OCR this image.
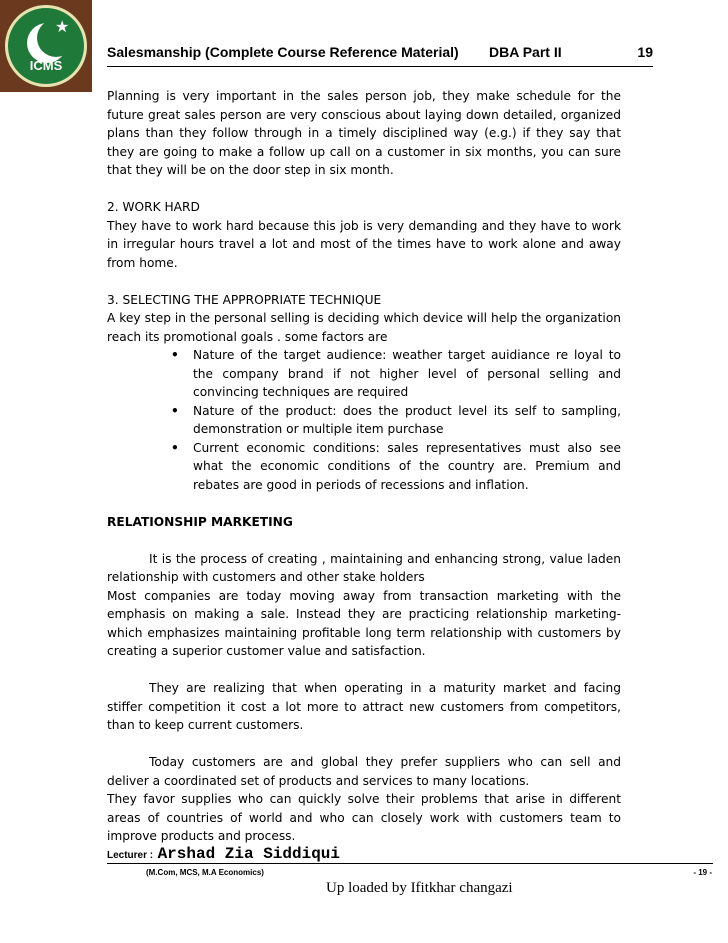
★
ICMS
Salesmanship (Complete Course Reference Material) DBA Part II	19

Planning is very important in the sales person job, they make schedule for the future great sales person are very conscious about laying down detailed, organized plans than they follow through in a timely disciplined way (e.g.) if they say that they are going to make a follow up call on a customer in six months, you can sure that they will be on the door step in six month.

2. WORK HARD

They have to work hard because this job is very demanding and they have to work in irregular hours travel a lot and most of the times have to work alone and away from home.

3. SELECTING THE APPROPRIATE TECHNIQUE

A key step in the personal selling is deciding which device will help the organization reach its promotional goals . some factors are

• Nature of the target audience: weather target auidiance re loyal to the company brand if not higher level of personal selling and convincing techniques are required
• Nature of the product: does the product level its self to sampling, demonstration or multiple item purchase
• Current economic conditions: sales representatives must also see what the economic conditions of the country are. Premium and rebates are good in periods of recessions and inflation.

RELATIONSHIP MARKETING

It is the process of creating , maintaining and enhancing strong, value laden relationship with customers and other stake holders

Most companies are today moving away from transaction marketing with the emphasis on making a sale. Instead they are practicing relationship marketing- which emphasizes maintaining profitable long term relationship with customers by creating a superior customer value and satisfaction.

They are realizing that when operating in a maturity market and facing stiffer competition it cost a lot more to attract new customers from competitors, than to keep current customers.

Today customers are and global they prefer suppliers who can sell and deliver a coordinated set of products and services to many locations.

They favor supplies who can quickly solve their problems that arise in different areas of countries of world and who can closely work with customers team to improve products and process.

Lecturer : Arshad Zia Siddiqui
(M.Com, MCS, M.A Economics)	- 19 -
Up loaded by Ifitkhar changazi
